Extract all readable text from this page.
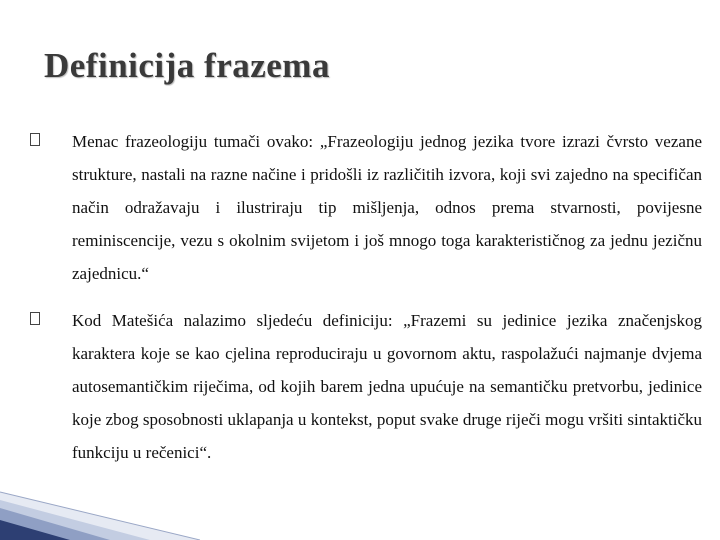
Definicija frazema
Menac frazeologiju tumači ovako: „Frazeologiju jednog jezika tvore izrazi čvrsto vezane strukture, nastali na razne načine i pridošli iz različitih izvora, koji svi zajedno na specifičan način odražavaju i ilustriraju tip mišljenja, odnos prema stvarnosti, povijesne reminiscencije, vezu s okolnim svijetom i još mnogo toga karakterističnog za jednu jezičnu zajednicu.“
Kod Matešića nalazimo sljedeću definiciju: „Frazemi su jedinice jezika značenjskog karaktera koje se kao cjelina reproduciraju u govornom aktu, raspolažući najmanje dvjema autosemantičkim riječima, od kojih barem jedna upućuje na semantičku pretvorbu, jedinice koje zbog sposobnosti uklapanja u kontekst, poput svake druge riječi mogu vršiti sintaktičku funkciju u rečenici“.
